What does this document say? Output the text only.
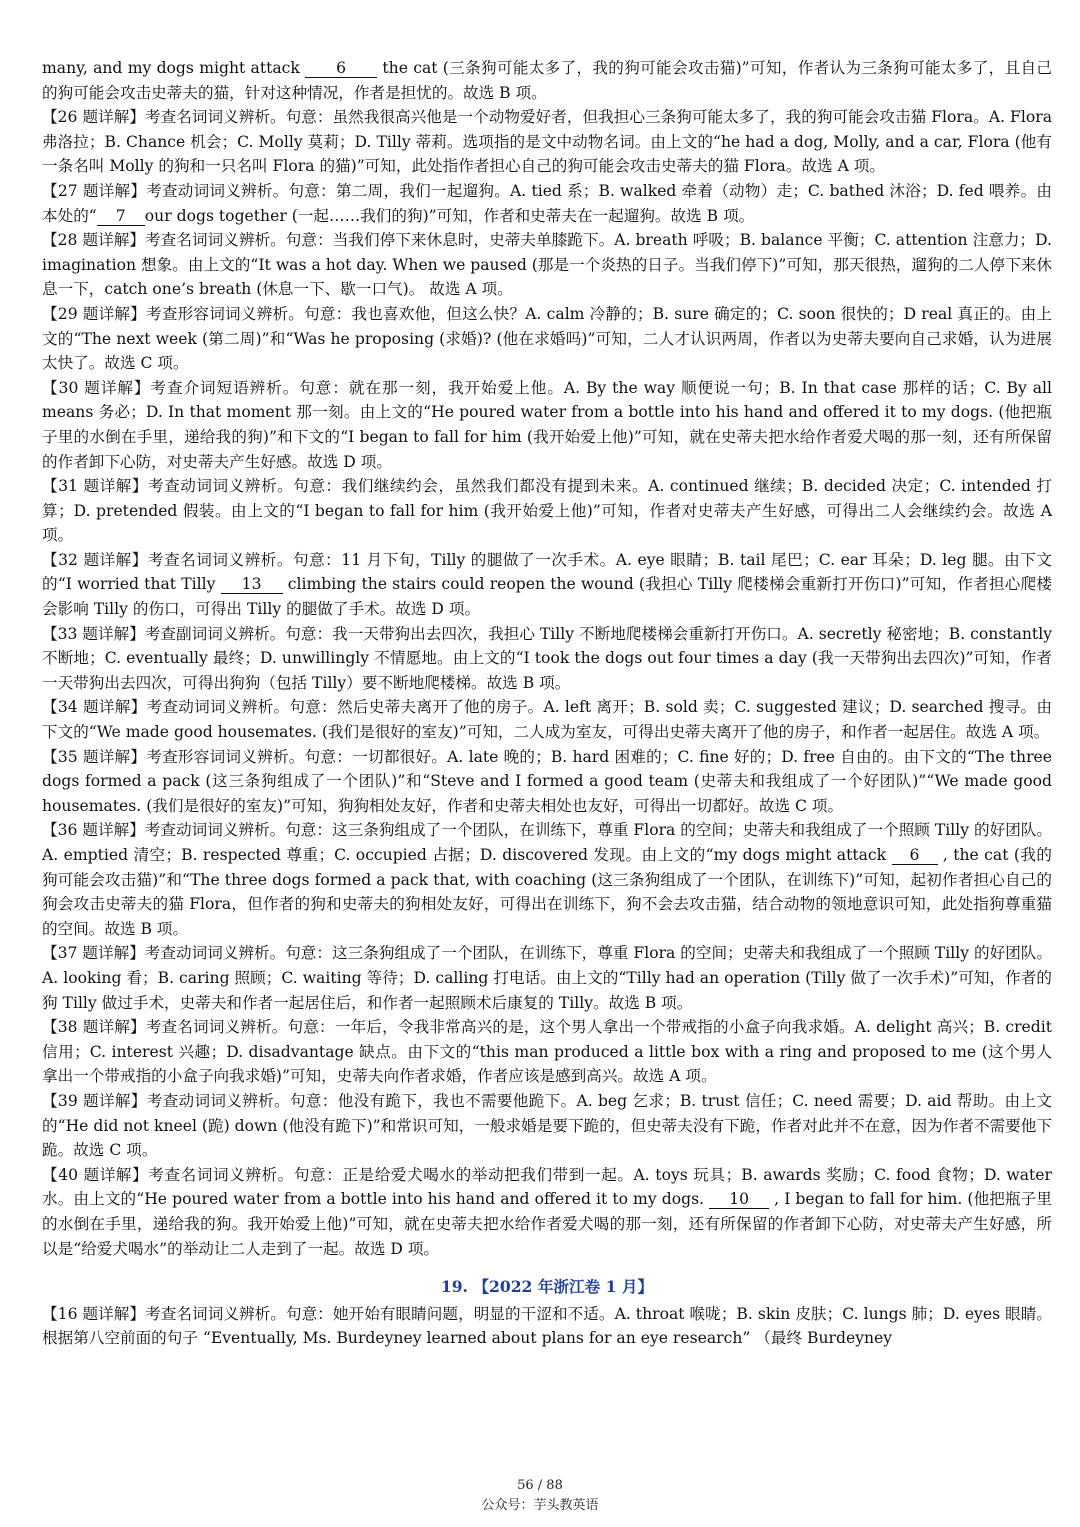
many, and my dogs might attack 6 the cat (三条狗可能太多了，我的狗可能会攻击猫)”可知，作者认为三条狗可能太多了，且自己的狗可能会攻击史蒂夫的猫，针对这种情况，作者是担忧的。故选 B 项。

【26 题详解】考查名词词义辨析。句意：虽然我很高兴他是一个动物爱好者，但我担心三条狗可能太多了，我的狗可能会攻击猫 Flora。A. Flora 弗洛拉；B. Chance 机会；C. Molly 莫莉；D. Tilly 蒂莉。选项指的是文中动物名词。由上文的“he had a dog, Molly, and a car, Flora (他有一条名叫 Molly 的狗和一只名叫 Flora 的猫)”可知，此处指作者担心自己的狗可能会攻击史蒂夫的猫 Flora。故选 A 项。

【27 题详解】考查动词词义辨析。句意：第二周，我们一起遛狗。A. tied 系；B. walked 牵着（动物）走；C. bathed 沐浴；D. fed 喂养。由本处的“ 7 our dogs together (一起……我们的狗)”可知，作者和史蒂夫在一起遛狗。故选 B 项。

【28 题详解】考查名词词义辨析。句意：当我们停下来休息时，史蒂夫单膝跪下。A. breath 呼吸；B. balance 平衡；C. attention 注意力；D. imagination 想象。由上文的“It was a hot day. When we paused (那是一个炎热的日子。当我们停下)”可知，那天很热，遛狗的二人停下来休息一下，catch one’s breath (休息一下、歇一口气)。 故选 A 项。

【29 题详解】考查形容词词义辨析。句意：我也喜欢他，但这么快？A. calm 冷静的；B. sure 确定的；C. soon 很快的；D real 真正的。由上文的“The next week (第二周)”和“Was he proposing (求婚)? (他在求婚吗)”可知，二人才认识两周，作者以为史蒂夫要向自己求婚，认为进展太快了。故选 C 项。

【30 题详解】考查介词短语辨析。句意：就在那一刻，我开始爱上他。A. By the way 顺便说一句；B. In that case 那样的话；C. By all means 务必；D. In that moment 那一刻。由上文的“He poured water from a bottle into his hand and offered it to my dogs. (他把瓶子里的水倒在手里，递给我的狗)”和下文的“I began to fall for him (我开始爱上他)”可知，就在史蒂夫把水给作者爱犬喝的那一刻，还有所保留的作者卸下心防，对史蒂夫产生好感。故选 D 项。

【31 题详解】考查动词词义辨析。句意：我们继续约会，虽然我们都没有提到未来。A. continued 继续；B. decided 决定；C. intended 打算；D. pretended 假装。由上文的“I began to fall for him (我开始爱上他)”可知，作者对史蒂夫产生好感，可得出二人会继续约会。故选 A 项。

【32 题详解】考查名词词义辨析。句意：11 月下旬，Tilly 的腿做了一次手术。A. eye 眼睛；B. tail 尾巴；C. ear 耳朵；D. leg 腿。由下文的“I worried that Tilly 13 climbing the stairs could reopen the wound (我担心 Tilly 爬楼梯会重新打开伤口)”可知，作者担心爬楼会影响 Tilly 的伤口，可得出 Tilly 的腿做了手术。故选 D 项。

【33 题详解】考查副词词义辨析。句意：我一天带狗出去四次，我担心 Tilly 不断地爬楼梯会重新打开伤口。A. secretly 秘密地；B. constantly 不断地；C. eventually 最终；D. unwillingly 不情愿地。由上文的“I took the dogs out four times a day (我一天带狗出去四次)”可知，作者一天带狗出去四次，可得出狗狗（包括 Tilly）要不断地爬楼梯。故选 B 项。

【34 题详解】考查动词词义辨析。句意：然后史蒂夫离开了他的房子。A. left 离开；B. sold 卖；C. suggested 建议；D. searched 搜寻。由下文的“We made good housemates. (我们是很好的室友)”可知，二人成为室友，可得出史蒂夫离开了他的房子，和作者一起居住。故选 A 项。

【35 题详解】考查形容词词义辨析。句意：一切都很好。A. late 晚的；B. hard 困难的；C. fine 好的；D. free 自由的。由下文的“The three dogs formed a pack (这三条狗组成了一个团队)”和“Steve and I formed a good team (史蒂夫和我组成了一个好团队)”“We made good housemates. (我们是很好的室友)”可知，狗狗相处友好，作者和史蒂夫相处也友好，可得出一切都好。故选 C 项。

【36 题详解】考查动词词义辨析。句意：这三条狗组成了一个团队，在训练下，尊重 Flora 的空间；史蒂夫和我组成了一个照顾 Tilly 的好团队。A. emptied 清空；B. respected 尊重；C. occupied 占据；D. discovered 发现。由上文的“my dogs might attack 6 , the cat (我的狗可能会攻击猫)”和“The three dogs formed a pack that, with coaching (这三条狗组成了一个团队，在训练下)”可知，起初作者担心自己的狗会攻击史蒂夫的猫 Flora，但作者的狗和史蒂夫的狗相处友好，可得出在训练下，狗不会去攻击猫，结合动物的领地意识可知，此处指狗尊重猫的空间。故选 B 项。

【37 题详解】考查动词词义辨析。句意：这三条狗组成了一个团队，在训练下，尊重 Flora 的空间；史蒂夫和我组成了一个照顾 Tilly 的好团队。A. looking 看；B. caring 照顾；C. waiting 等待；D. calling 打电话。由上文的“Tilly had an operation (Tilly 做了一次手术)”可知，作者的狗 Tilly 做过手术，史蒂夫和作者一起居住后，和作者一起照顾术后康复的 Tilly。故选 B 项。

【38 题详解】考查名词词义辨析。句意：一年后，令我非常高兴的是，这个男人拿出一个带戒指的小盒子向我求婚。A. delight 高兴；B. credit 信用；C. interest 兴趣；D. disadvantage 缺点。由下文的“this man produced a little box with a ring and proposed to me (这个男人拿出一个带戒指的小盒子向我求婚)”可知，史蒂夫向作者求婚，作者应该是感到高兴。故选 A 项。

【39 题详解】考查动词词义辨析。句意：他没有跪下，我也不需要他跪下。A. beg 乞求；B. trust 信任；C. need 需要；D. aid 帮助。由上文的“He did not kneel (跪) down (他没有跪下)”和常识可知，一般求婚是要下跪的，但史蒂夫没有下跪，作者对此并不在意，因为作者不需要他下跪。故选 C 项。

【40 题详解】考查名词词义辨析。句意：正是给爱犬喝水的举动把我们带到一起。A. toys 玩具；B. awards 奖励；C. food 食物；D. water 水。由上文的“He poured water from a bottle into his hand and offered it to my dogs. 10 , I began to fall for him. (他把瓶子里的水倒在手里，递给我的狗。我开始爱上他)”可知，就在史蒂夫把水给作者爱犬喝的那一刻，还有所保留的作者卸下心防，对史蒂夫产生好感，所以是“给爱犬喝水”的举动让二人走到了一起。故选 D 项。

19. 【2022 年浙江卷 1 月】

【16 题详解】考查名词词义辨析。句意：她开始有眼睛问题，明显的干涩和不适。A. throat 喉咙；B. skin 皮肤；C. lungs 肺；D. eyes 眼睛。根据第八空前面的句子 “Eventually, Ms. Burdeyney learned about plans for an eye research” （最终 Burdeyney

56 / 88
公众号：芋头教英语
